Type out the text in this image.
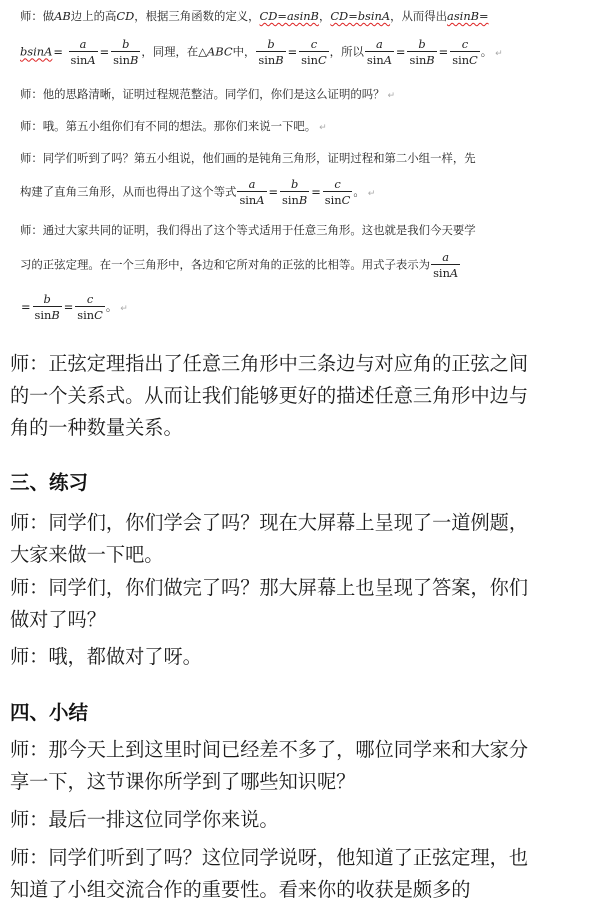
师：做AB边上的高CD，根据三角函数的定义，CD=asinB，CD=bsinA，从而得出asinB=
$bsinA= \frac{a}{\sin A} = \frac{b}{\sin B}$ ，同理，在△ABC中， $\frac{b}{\sin B} = \frac{c}{\sin C}$ ，所以 $\frac{a}{\sin A} = \frac{b}{\sin B} = \frac{c}{\sin C}$ 。 ↵
师：他的思路清晰，证明过程规范整洁。同学们，你们是这么证明的吗？ ↵
师：哦。第五小组你们有不同的想法。那你们来说一下吧。 ↵
师：同学们听到了吗？第五小组说，他们画的是钝角三角形，证明过程和第二小组一样，先
构建了直角三角形，从而也得出了这个等式 $\frac{a}{\sin A} = \frac{b}{\sin B} = \frac{c}{\sin C}$ 。 ↵
师：通过大家共同的证明，我们得出了这个等式适用于任意三角形。这也就是我们今天要学
习的正弦定理。在一个三角形中，各边和它所对角的正弦的比相等。用式子表示为 $\frac{a}{\sin A}$
= $\frac{b}{\sin B} = \frac{c}{\sin C}$ 。 ↵
师：正弦定理指出了任意三角形中三条边与对应角的正弦之间
的一个关系式。从而让我们能够更好的描述任意三角形中边与
角的一种数量关系。
三、练习
师：同学们，你们学会了吗？现在大屏幕上呈现了一道例题，
大家来做一下吧。
师：同学们，你们做完了吗？那大屏幕上也呈现了答案，你们
做对了吗？
师：哦，都做对了呀。
四、小结
师：那今天上到这里时间已经差不多了，哪位同学来和大家分
享一下，这节课你所学到了哪些知识呢？
师：最后一排这位同学你来说。
师：同学们听到了吗？这位同学说呀，他知道了正弦定理，也
知道了小组交流合作的重要性。看来你的收获是颇多的
